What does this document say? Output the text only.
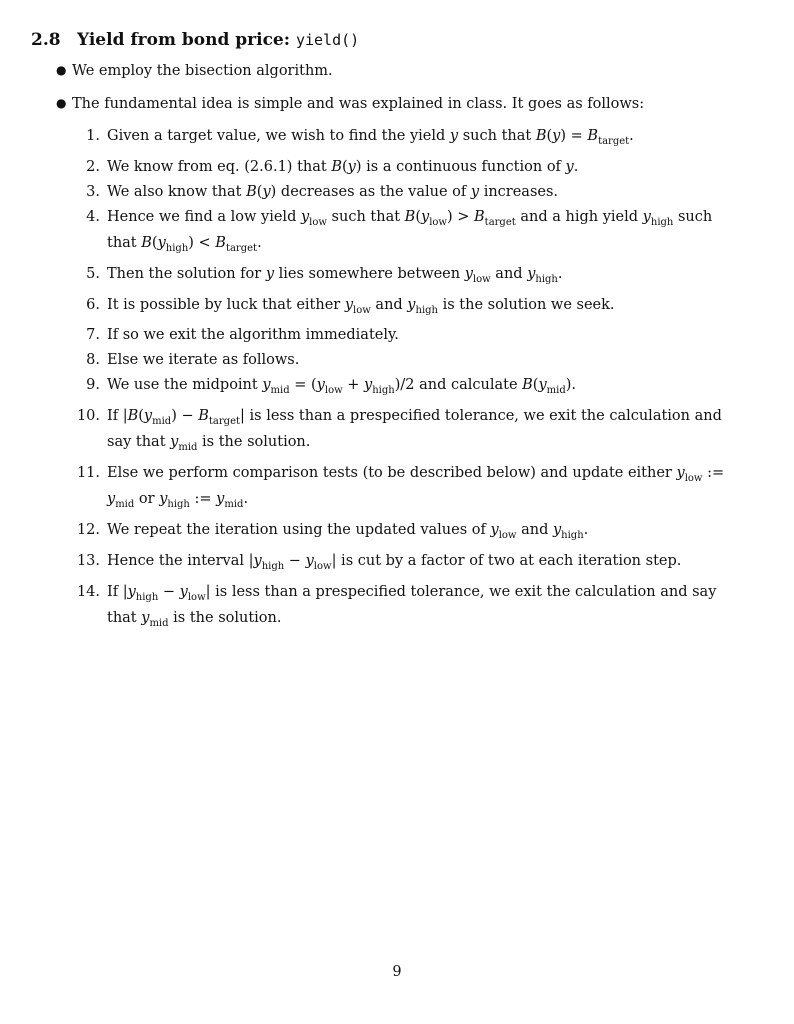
2.8 Yield from bond price: yield()
● We employ the bisection algorithm.
● The fundamental idea is simple and was explained in class. It goes as follows:
1. Given a target value, we wish to find the yield y such that $B(y) = B_{target}$.
2. We know from eq. (2.6.1) that B(y) is a continuous function of y.
3. We also know that B(y) decreases as the value of y increases.
4. Hence we find a low yield $y_{low}$ such that $B(y_{low}) > B_{target}$ and a high yield $y_{high}$ such that $B(y_{high}) < B_{target}$.
5. Then the solution for y lies somewhere between $y_{low}$ and $y_{high}$.
6. It is possible by luck that either $y_{low}$ and $y_{high}$ is the solution we seek.
7. If so we exit the algorithm immediately.
8. Else we iterate as follows.
9. We use the midpoint $y_{mid} = (y_{low} + y_{high})/2$ and calculate $B(y_{mid})$.
10. If $|B(y_{mid}) - B_{target}|$ is less than a prespecified tolerance, we exit the calculation and say that $y_{mid}$ is the solution.
11. Else we perform comparison tests (to be described below) and update either $y_{low}$ := $y_{mid}$ or $y_{high}$ := $y_{mid}$.
12. We repeat the iteration using the updated values of $y_{low}$ and $y_{high}$.
13. Hence the interval $|y_{high} - y_{low}|$ is cut by a factor of two at each iteration step.
14. If $|y_{high} - y_{low}|$ is less than a prespecified tolerance, we exit the calculation and say that $y_{mid}$ is the solution.
9
